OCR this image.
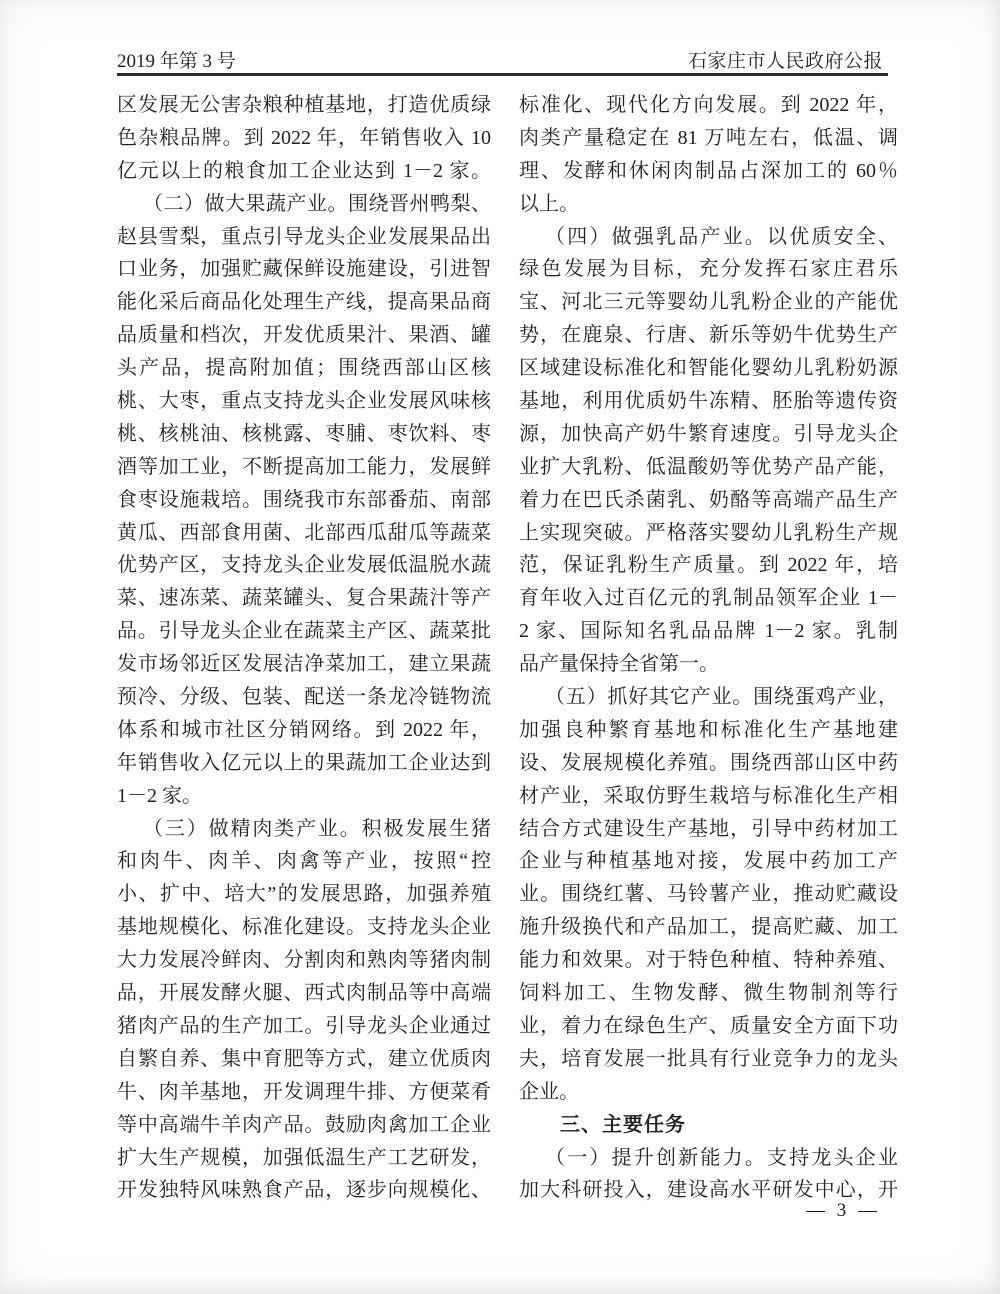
2019 年第 3 号	石家庄市人民政府公报
区发展无公害杂粮种植基地，打造优质绿
色杂粮品牌。到 2022 年，年销售收入 10
亿元以上的粮食加工企业达到 1－2 家。
（二）做大果蔬产业。围绕晋州鸭梨、
赵县雪梨，重点引导龙头企业发展果品出
口业务，加强贮藏保鲜设施建设，引进智
能化采后商品化处理生产线，提高果品商
品质量和档次，开发优质果汁、果酒、罐
头产品，提高附加值；围绕西部山区核
桃、大枣，重点支持龙头企业发展风味核
桃、核桃油、核桃露、枣脯、枣饮料、枣
酒等加工业，不断提高加工能力，发展鲜
食枣设施栽培。围绕我市东部番茄、南部
黄瓜、西部食用菌、北部西瓜甜瓜等蔬菜
优势产区，支持龙头企业发展低温脱水蔬
菜、速冻菜、蔬菜罐头、复合果蔬汁等产
品。引导龙头企业在蔬菜主产区、蔬菜批
发市场邻近区发展洁净菜加工，建立果蔬
预冷、分级、包装、配送一条龙冷链物流
体系和城市社区分销网络。到 2022 年，
年销售收入亿元以上的果蔬加工企业达到
1－2 家。
（三）做精肉类产业。积极发展生猪
和肉牛、肉羊、肉禽等产业，按照“控
小、扩中、培大”的发展思路，加强养殖
基地规模化、标准化建设。支持龙头企业
大力发展冷鲜肉、分割肉和熟肉等猪肉制
品，开展发酵火腿、西式肉制品等中高端
猪肉产品的生产加工。引导龙头企业通过
自繁自养、集中育肥等方式，建立优质肉
牛、肉羊基地，开发调理牛排、方便菜肴
等中高端牛羊肉产品。鼓励肉禽加工企业
扩大生产规模，加强低温生产工艺研发，
开发独特风味熟食产品，逐步向规模化、
标准化、现代化方向发展。到 2022 年，
肉类产量稳定在 81 万吨左右，低温、调
理、发酵和休闲肉制品占深加工的 60％
以上。
（四）做强乳品产业。以优质安全、
绿色发展为目标，充分发挥石家庄君乐
宝、河北三元等婴幼儿乳粉企业的产能优
势，在鹿泉、行唐、新乐等奶牛优势生产
区域建设标准化和智能化婴幼儿乳粉奶源
基地，利用优质奶牛冻精、胚胎等遗传资
源，加快高产奶牛繁育速度。引导龙头企
业扩大乳粉、低温酸奶等优势产品产能，
着力在巴氏杀菌乳、奶酪等高端产品生产
上实现突破。严格落实婴幼儿乳粉生产规
范，保证乳粉生产质量。到 2022 年，培
育年收入过百亿元的乳制品领军企业 1－
2 家、国际知名乳品品牌 1－2 家。乳制
品产量保持全省第一。
（五）抓好其它产业。围绕蛋鸡产业，
加强良种繁育基地和标准化生产基地建
设、发展规模化养殖。围绕西部山区中药
材产业，采取仿野生栽培与标准化生产相
结合方式建设生产基地，引导中药材加工
企业与种植基地对接，发展中药加工产
业。围绕红薯、马铃薯产业，推动贮藏设
施升级换代和产品加工，提高贮藏、加工
能力和效果。对于特色种植、特种养殖、
饲料加工、生物发酵、微生物制剂等行
业，着力在绿色生产、质量安全方面下功
夫，培育发展一批具有行业竞争力的龙头
企业。
三、主要任务
（一）提升创新能力。支持龙头企业
加大科研投入，建设高水平研发中心，开
— 3 —
